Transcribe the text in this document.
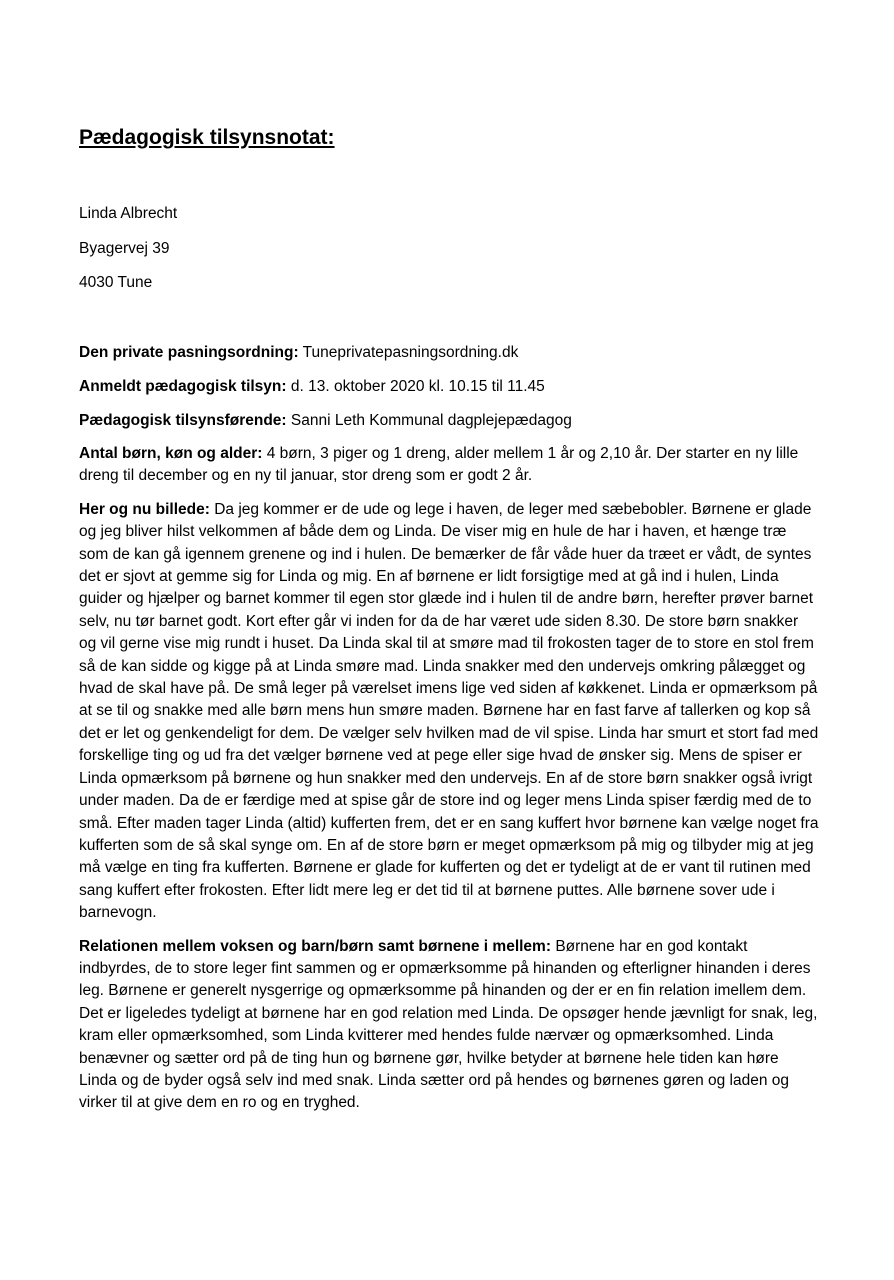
Pædagogisk tilsynsnotat:
Linda Albrecht
Byagervej 39
4030 Tune

Den private pasningsordning: Tuneprivatepasningsordning.dk

Anmeldt pædagogisk tilsyn: d. 13. oktober 2020 kl. 10.15 til 11.45

Pædagogisk tilsynsførende: Sanni Leth Kommunal dagplejepædagog

Antal børn, køn og alder: 4 børn, 3 piger og 1 dreng, alder mellem 1 år og 2,10 år. Der starter en ny lille dreng til december og en ny til januar, stor dreng som er godt 2 år.

Her og nu billede: Da jeg kommer er de ude og lege i haven, de leger med sæbebobler. Børnene er glade og jeg bliver hilst velkommen af både dem og Linda. De viser mig en hule de har i haven, et hænge træ som de kan gå igennem grenene og ind i hulen. De bemærker de får våde huer da træet er vådt, de syntes det er sjovt at gemme sig for Linda og mig. En af børnene er lidt forsigtige med at gå ind i hulen, Linda guider og hjælper og barnet kommer til egen stor glæde ind i hulen til de andre børn, herefter prøver barnet selv, nu tør barnet godt. Kort efter går vi inden for da de har været ude siden 8.30. De store børn snakker og vil gerne vise mig rundt i huset. Da Linda skal til at smøre mad til frokosten tager de to store en stol frem så de kan sidde og kigge på at Linda smøre mad. Linda snakker med den undervejs omkring pålægget og hvad de skal have på. De små leger på værelset imens lige ved siden af køkkenet. Linda er opmærksom på at se til og snakke med alle børn mens hun smøre maden. Børnene har en fast farve af tallerken og kop så det er let og genkendeligt for dem. De vælger selv hvilken mad de vil spise. Linda har smurt et stort fad med forskellige ting og ud fra det vælger børnene ved at pege eller sige hvad de ønsker sig. Mens de spiser er Linda opmærksom på børnene og hun snakker med den undervejs. En af de store børn snakker også ivrigt under maden. Da de er færdige med at spise går de store ind og leger mens Linda spiser færdig med de to små. Efter maden tager Linda (altid) kufferten frem, det er en sang kuffert hvor børnene kan vælge noget fra kufferten som de så skal synge om. En af de store børn er meget opmærksom på mig og tilbyder mig at jeg må vælge en ting fra kufferten. Børnene er glade for kufferten og det er tydeligt at de er vant til rutinen med sang kuffert efter frokosten. Efter lidt mere leg er det tid til at børnene puttes. Alle børnene sover ude i barnevogn.

Relationen mellem voksen og barn/børn samt børnene i mellem: Børnene har en god kontakt indbyrdes, de to store leger fint sammen og er opmærksomme på hinanden og efterligner hinanden i deres leg. Børnene er generelt nysgerrige og opmærksomme på hinanden og der er en fin relation imellem dem. Det er ligeledes tydeligt at børnene har en god relation med Linda. De opsøger hende jævnligt for snak, leg, kram eller opmærksomhed, som Linda kvitterer med hendes fulde nærvær og opmærksomhed. Linda benævner og sætter ord på de ting hun og børnene gør, hvilke betyder at børnene hele tiden kan høre Linda og de byder også selv ind med snak. Linda sætter ord på hendes og børnenes gøren og laden og virker til at give dem en ro og en tryghed.
